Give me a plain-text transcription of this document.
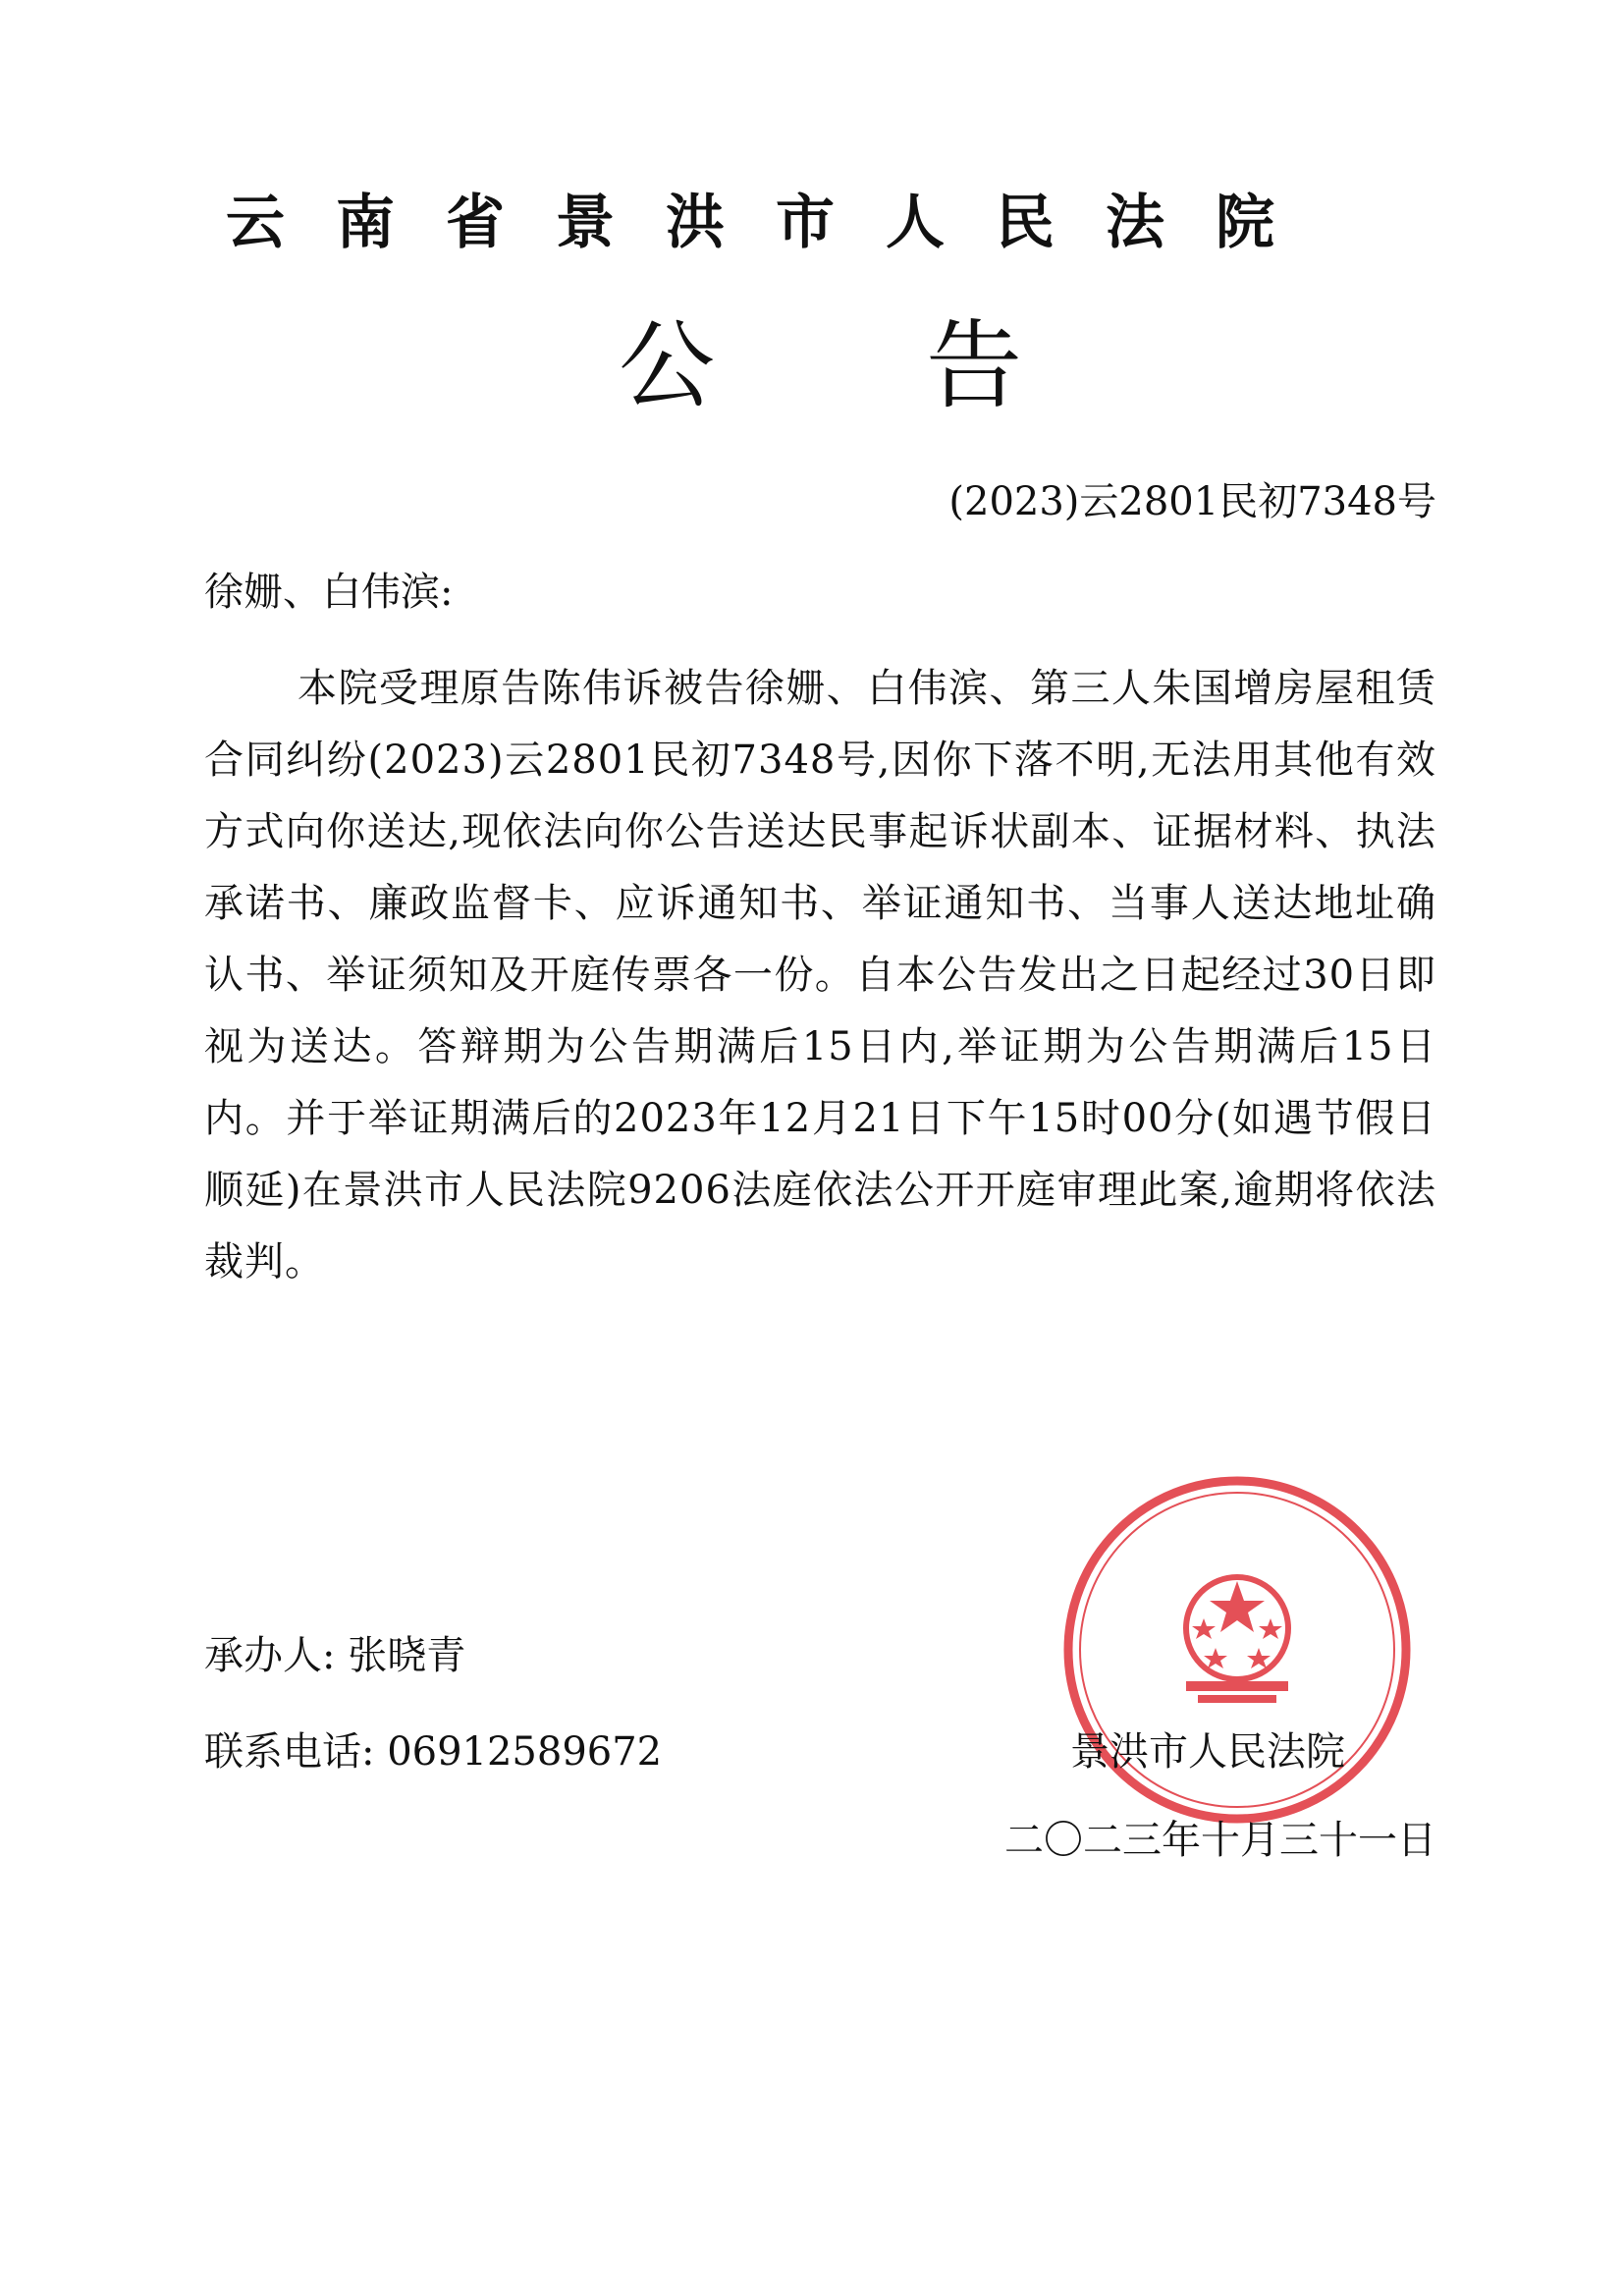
云南省景洪市人民法院
公告
(2023)云2801民初7348号
徐姗、白伟滨:

本院受理原告陈伟诉被告徐姗、白伟滨、第三人朱国增房屋租赁合同纠纷(2023)云2801民初7348号,因你下落不明,无法用其他有效方式向你送达,现依法向你公告送达民事起诉状副本、证据材料、执法承诺书、廉政监督卡、应诉通知书、举证通知书、当事人送达地址确认书、举证须知及开庭传票各一份。自本公告发出之日起经过30日即视为送达。答辩期为公告期满后15日内,举证期为公告期满后15日内。并于举证期满后的2023年12月21日下午15时00分(如遇节假日顺延)在景洪市人民法院9206法庭依法公开开庭审理此案,逾期将依法裁判。

承办人: 张晓青
联系电话: 06912589672	景洪市人民法院
二〇二三年十月三十一日
